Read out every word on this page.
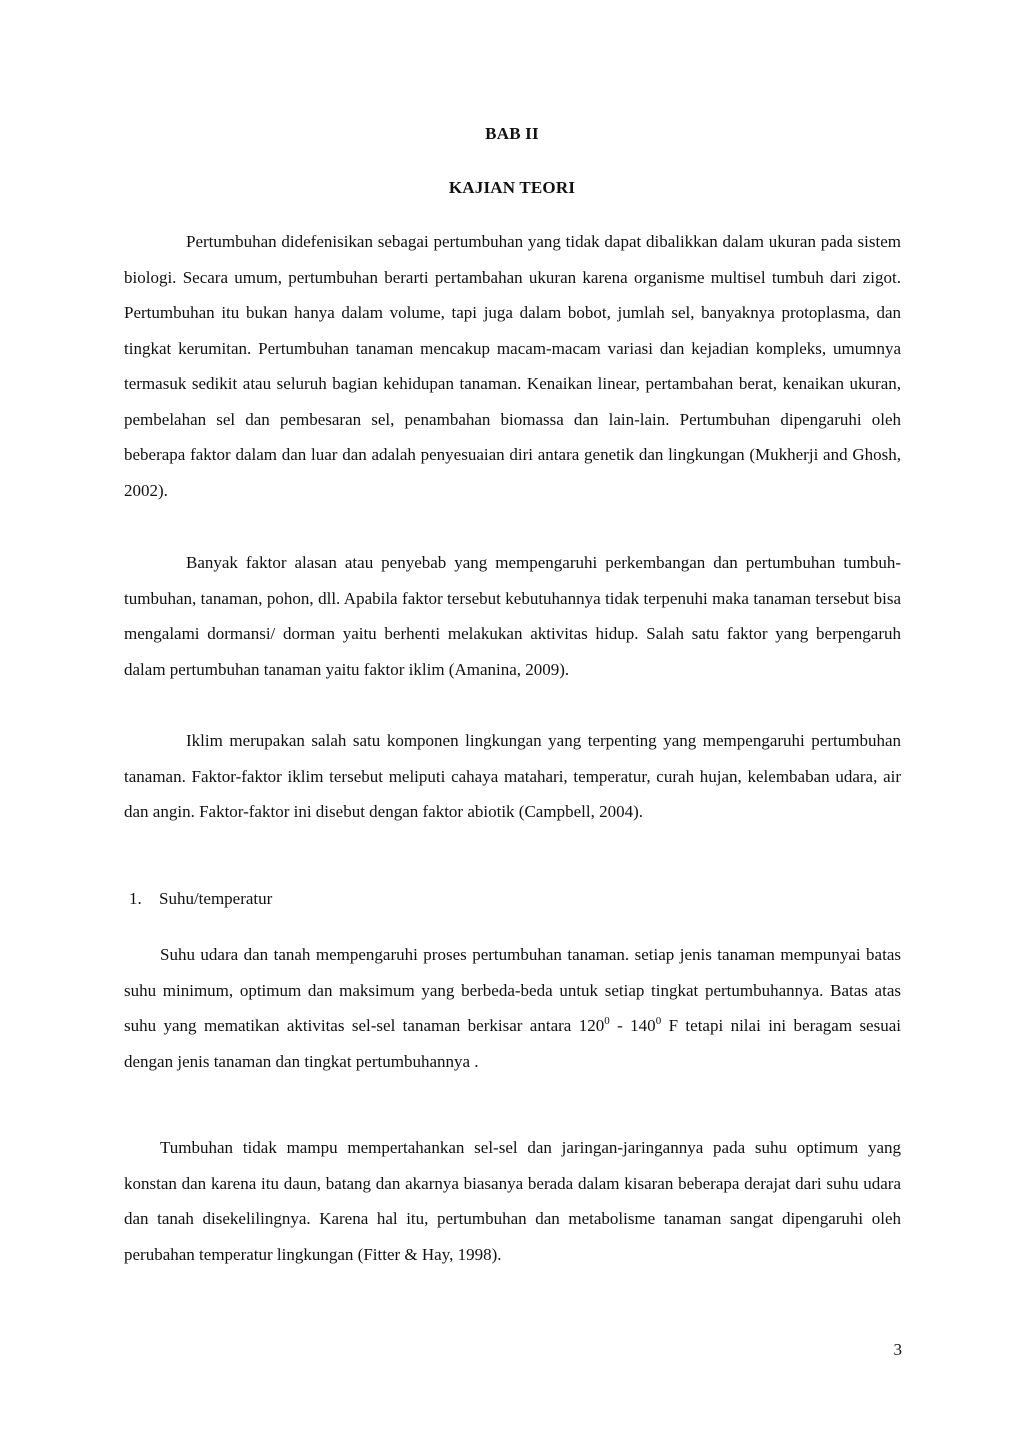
BAB II
KAJIAN TEORI

Pertumbuhan didefenisikan sebagai pertumbuhan yang tidak dapat dibalikkan dalam ukuran pada sistem biologi. Secara umum, pertumbuhan berarti pertambahan ukuran karena organisme multisel tumbuh dari zigot. Pertumbuhan itu bukan hanya dalam volume, tapi juga dalam bobot, jumlah sel, banyaknya protoplasma, dan tingkat kerumitan. Pertumbuhan tanaman mencakup macam-macam variasi dan kejadian kompleks, umumnya termasuk sedikit atau seluruh bagian kehidupan tanaman. Kenaikan linear, pertambahan berat, kenaikan ukuran, pembelahan sel dan pembesaran sel, penambahan biomassa dan lain-lain. Pertumbuhan dipengaruhi oleh beberapa faktor dalam dan luar dan adalah penyesuaian diri antara genetik dan lingkungan (Mukherji and Ghosh, 2002).

Banyak faktor alasan atau penyebab yang mempengaruhi perkembangan dan pertumbuhan tumbuh-tumbuhan, tanaman, pohon, dll. Apabila faktor tersebut kebutuhannya tidak terpenuhi maka tanaman tersebut bisa mengalami dormansi/ dorman yaitu berhenti melakukan aktivitas hidup. Salah satu faktor yang berpengaruh dalam pertumbuhan tanaman yaitu faktor iklim (Amanina, 2009).

Iklim merupakan salah satu komponen lingkungan yang terpenting yang mempengaruhi pertumbuhan tanaman. Faktor-faktor iklim tersebut meliputi cahaya matahari, temperatur, curah hujan, kelembaban udara, air dan angin. Faktor-faktor ini disebut dengan faktor abiotik (Campbell, 2004).

1. Suhu/temperatur

Suhu udara dan tanah mempengaruhi proses pertumbuhan tanaman. setiap jenis tanaman mempunyai batas suhu minimum, optimum dan maksimum yang berbeda-beda untuk setiap tingkat pertumbuhannya. Batas atas suhu yang mematikan aktivitas sel-sel tanaman berkisar antara $120^0 - 140^0$ F tetapi nilai ini beragam sesuai dengan jenis tanaman dan tingkat pertumbuhannya .

Tumbuhan tidak mampu mempertahankan sel-sel dan jaringan-jaringannya pada suhu optimum yang konstan dan karena itu daun, batang dan akarnya biasanya berada dalam kisaran beberapa derajat dari suhu udara dan tanah disekelilingnya. Karena hal itu, pertumbuhan dan metabolisme tanaman sangat dipengaruhi oleh perubahan temperatur lingkungan (Fitter & Hay, 1998).

3
